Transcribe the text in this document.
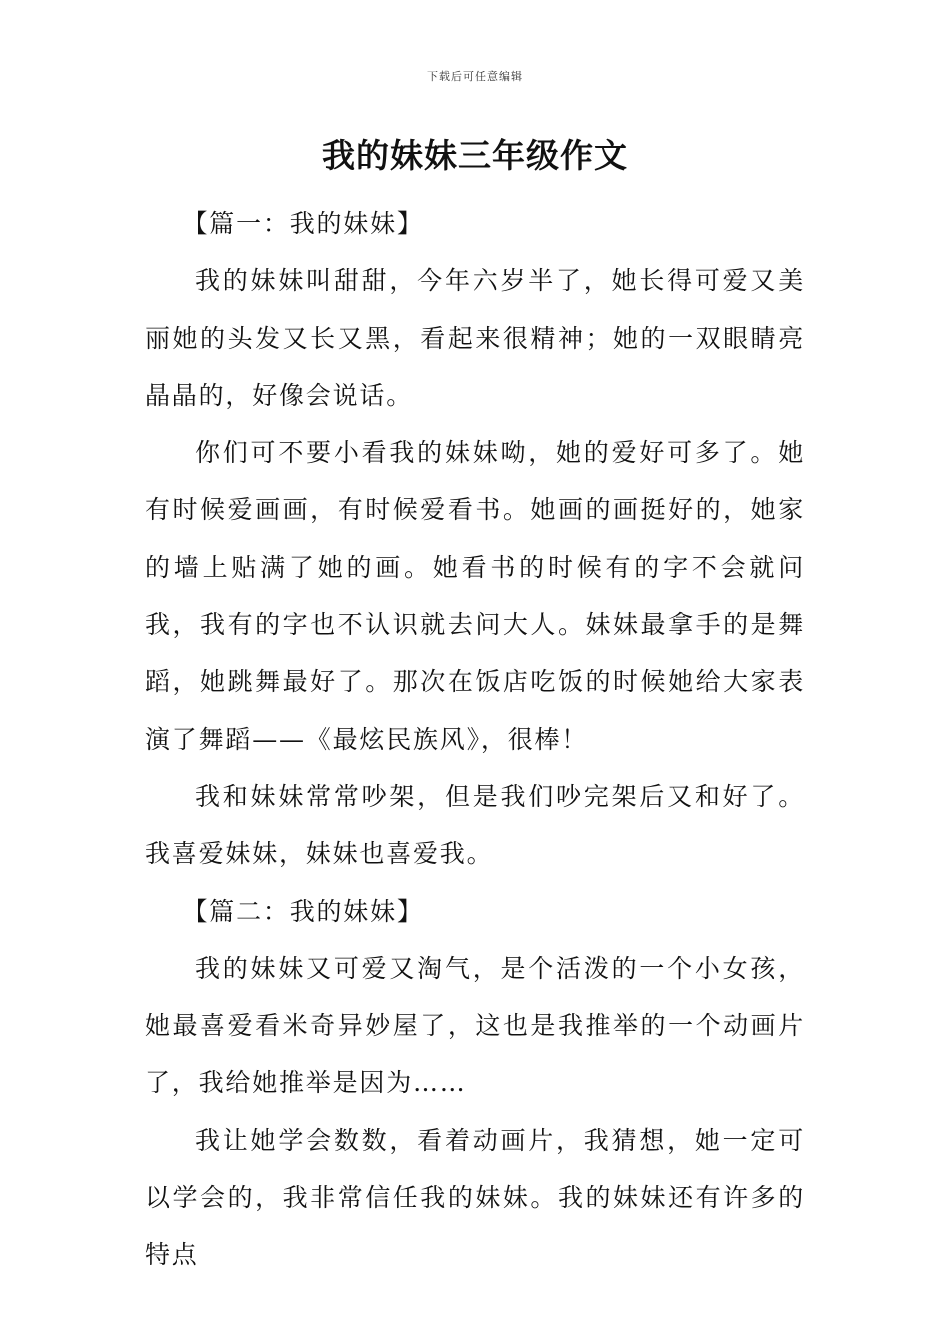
下载后可任意编辑
我的妹妹三年级作文

【篇一：我的妹妹】

我的妹妹叫甜甜，今年六岁半了，她长得可爱又美丽她的头发又长又黑，看起来很精神；她的一双眼睛亮晶晶的，好像会说话。

你们可不要小看我的妹妹呦，她的爱好可多了。她有时候爱画画，有时候爱看书。她画的画挺好的，她家的墙上贴满了她的画。她看书的时候有的字不会就问我，我有的字也不认识就去问大人。妹妹最拿手的是舞蹈，她跳舞最好了。那次在饭店吃饭的时候她给大家表演了舞蹈——《最炫民族风》，很棒！

我和妹妹常常吵架，但是我们吵完架后又和好了。我喜爱妹妹，妹妹也喜爱我。

【篇二：我的妹妹】

我的妹妹又可爱又淘气，是个活泼的一个小女孩，她最喜爱看米奇异妙屋了，这也是我推举的一个动画片了，我给她推举是因为……

我让她学会数数，看着动画片，我猜想，她一定可以学会的，我非常信任我的妹妹。我的妹妹还有许多的特点
